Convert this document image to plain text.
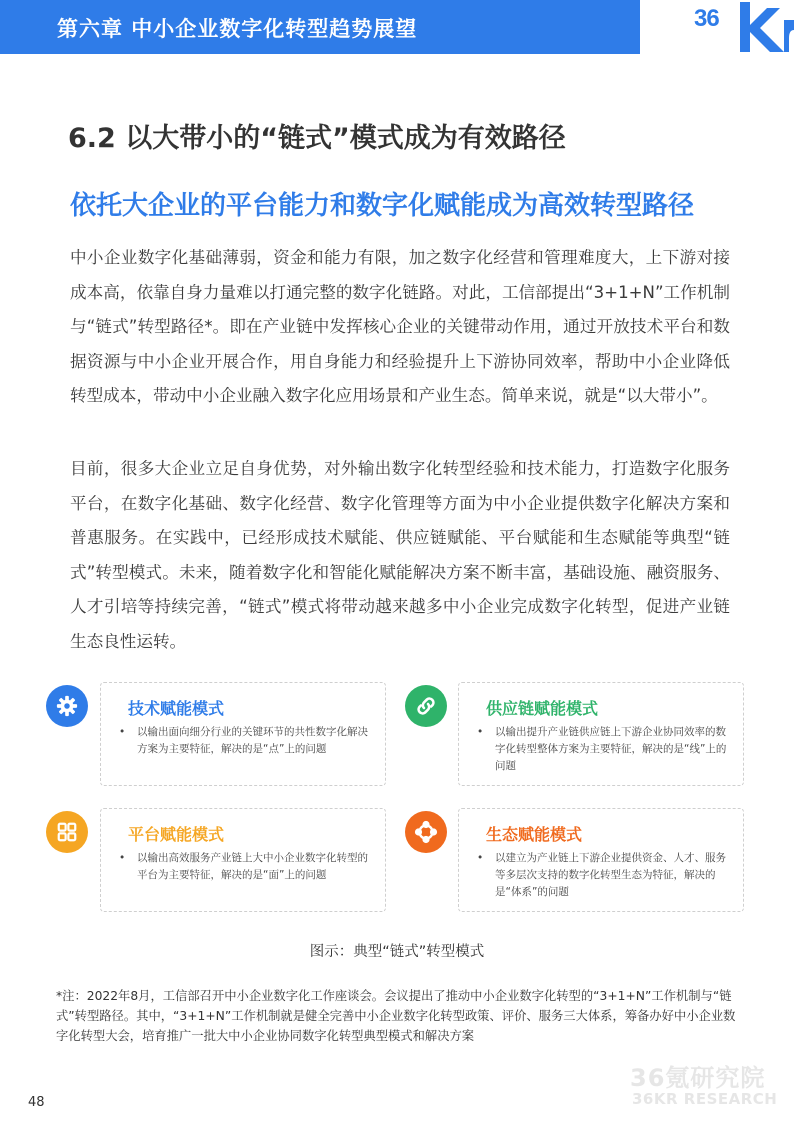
第六章 中小企业数字化转型趋势展望	36
6.2 以大带小的“链式”模式成为有效路径
依托大企业的平台能力和数字化赋能成为高效转型路径

中小企业数字化基础薄弱，资金和能力有限，加之数字化经营和管理难度大，上下游对接成本高，依靠自身力量难以打通完整的数字化链路。对此，工信部提出“3+1+N”工作机制与“链式”转型路径*。即在产业链中发挥核心企业的关键带动作用，通过开放技术平台和数据资源与中小企业开展合作，用自身能力和经验提升上下游协同效率，帮助中小企业降低转型成本，带动中小企业融入数字化应用场景和产业生态。简单来说，就是“以大带小”。

目前，很多大企业立足自身优势，对外输出数字化转型经验和技术能力，打造数字化服务平台，在数字化基础、数字化经营、数字化管理等方面为中小企业提供数字化解决方案和普惠服务。在实践中，已经形成技术赋能、供应链赋能、平台赋能和生态赋能等典型“链式”转型模式。未来，随着数字化和智能化赋能解决方案不断丰富，基础设施、融资服务、人才引培等持续完善，“链式”模式将带动越来越多中小企业完成数字化转型，促进产业链生态良性运转。

技术赋能模式
•	以输出面向细分行业的关键环节的共性数字化解决方案为主要特征，解决的是“点”上的问题
供应链赋能模式
•	以输出提升产业链供应链上下游企业协同效率的数字化转型整体方案为主要特征，解决的是“线”上的问题
平台赋能模式
•	以输出高效服务产业链上大中小企业数字化转型的平台为主要特征，解决的是“面”上的问题
生态赋能模式
•	以建立为产业链上下游企业提供资金、人才、服务等多层次支持的数字化转型生态为特征，解决的是“体系”的问题
图示：典型“链式”转型模式

*注：2022年8月，工信部召开中小企业数字化工作座谈会。会议提出了推动中小企业数字化转型的“3+1+N”工作机制与“链式”转型路径。其中，“3+1+N”工作机制就是健全完善中小企业数字化转型政策、评价、服务三大体系，筹备办好中小企业数字化转型大会，培育推广一批大中小企业协同数字化转型典型模式和解决方案

36氪研究院
36KR RESEARCH
48
